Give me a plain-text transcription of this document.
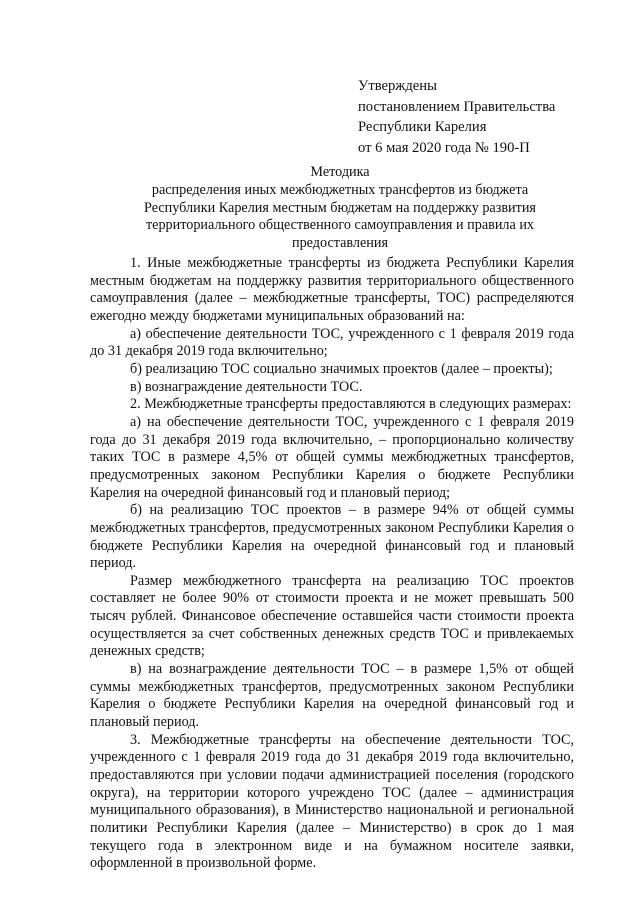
Утверждены
постановлением Правительства
Республики Карелия
от 6 мая 2020 года № 190-П
Методика
распределения иных межбюджетных трансфертов из бюджета
Республики Карелия местным бюджетам на поддержку развития
территориального общественного самоуправления и правила их
предоставления

1. Иные межбюджетные трансферты из бюджета Республики Карелия местным бюджетам на поддержку развития территориального общественного самоуправления (далее – межбюджетные трансферты, ТОС) распределяются ежегодно между бюджетами муниципальных образований на:

а) обеспечение деятельности ТОС, учрежденного с 1 февраля 2019 года до 31 декабря 2019 года включительно;

б) реализацию ТОС социально значимых проектов (далее – проекты);

в) вознаграждение деятельности ТОС.

2. Межбюджетные трансферты предоставляются в следующих размерах:

а) на обеспечение деятельности ТОС, учрежденного с 1 февраля 2019 года до 31 декабря 2019 года включительно, – пропорционально количеству таких ТОС в размере 4,5% от общей суммы межбюджетных трансфертов, предусмотренных законом Республики Карелия о бюджете Республики Карелия на очередной финансовый год и плановый период;

б) на реализацию ТОС проектов – в размере 94% от общей суммы межбюджетных трансфертов, предусмотренных законом Республики Карелия о бюджете Республики Карелия на очередной финансовый год и плановый период.

Размер межбюджетного трансферта на реализацию ТОС проектов составляет не более 90% от стоимости проекта и не может превышать 500 тысяч рублей. Финансовое обеспечение оставшейся части стоимости проекта осуществляется за счет собственных денежных средств ТОС и привлекаемых денежных средств;

в) на вознаграждение деятельности ТОС – в размере 1,5% от общей суммы межбюджетных трансфертов, предусмотренных законом Республики Карелия о бюджете Республики Карелия на очередной финансовый год и плановый период.

3. Межбюджетные трансферты на обеспечение деятельности ТОС, учрежденного с 1 февраля 2019 года до 31 декабря 2019 года включительно, предоставляются при условии подачи администрацией поселения (городского округа), на территории которого учреждено ТОС (далее – администрация муниципального образования), в Министерство национальной и региональной политики Республики Карелия (далее – Министерство) в срок до 1 мая текущего года в электронном виде и на бумажном носителе заявки, оформленной в произвольной форме.
